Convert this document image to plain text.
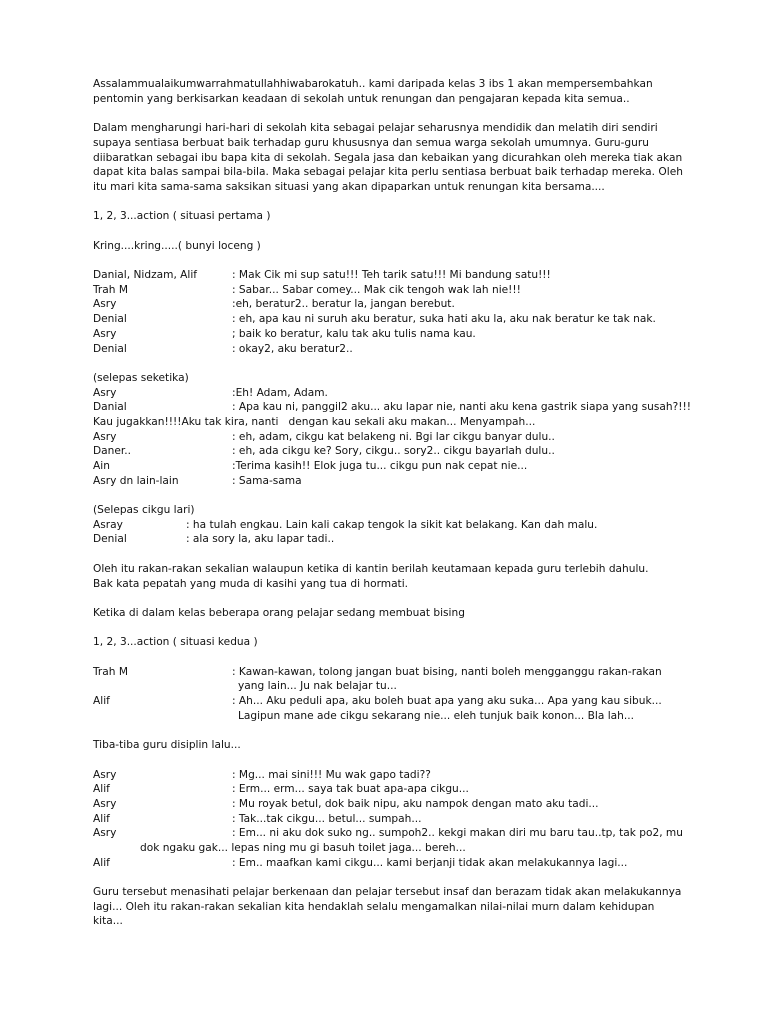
Assalammualaikumwarrahmatullahhiwabarokatuh.. kami daripada kelas 3 ibs 1 akan mempersembahkan
pentomin yang berkisarkan keadaan di sekolah untuk renungan dan pengajaran kepada kita semua..
Dalam mengharungi hari-hari di sekolah kita sebagai pelajar seharusnya mendidik dan melatih diri sendiri
supaya sentiasa berbuat baik terhadap guru khususnya dan semua warga sekolah umumnya. Guru-guru
diibaratkan sebagai ibu bapa kita di sekolah. Segala jasa dan kebaikan yang dicurahkan oleh mereka tiak akan
dapat kita balas sampai bila-bila. Maka sebagai pelajar kita perlu sentiasa berbuat baik terhadap mereka. Oleh
itu mari kita sama-sama saksikan situasi yang akan dipaparkan untuk renungan kita bersama....
1, 2, 3...action ( situasi pertama )
Kring....kring.....( bunyi loceng )
Danial, Nidzam, Alif	: Mak Cik mi sup satu!!! Teh tarik satu!!! Mi bandung satu!!!
Trah M	: Sabar... Sabar comey... Mak cik tengoh wak lah nie!!!
Asry	:eh, beratur2.. beratur la, jangan berebut.
Denial	: eh, apa kau ni suruh aku beratur, suka hati aku la, aku nak beratur ke tak nak.
Asry	; baik ko beratur, kalu tak aku tulis nama kau.
Denial	: okay2, aku beratur2..
(selepas seketika)
Asry	:Eh! Adam, Adam.
Danial	: Apa kau ni, panggil2 aku... aku lapar nie, nanti aku kena gastrik siapa yang susah?!!!
Kau jugakkan!!!!Aku tak kira, nanti   dengan kau sekali aku makan... Menyampah...
Asry	: eh, adam, cikgu kat belakeng ni. Bgi lar cikgu banyar dulu..
Daner..	: eh, ada cikgu ke? Sory, cikgu.. sory2.. cikgu bayarlah dulu..
Ain	:Terima kasih!! Elok juga tu... cikgu pun nak cepat nie...
Asry dn lain-lain	: Sama-sama
(Selepas cikgu lari)
Asray	: ha tulah engkau. Lain kali cakap tengok la sikit kat belakang. Kan dah malu.
Denial	: ala sory la, aku lapar tadi..
Oleh itu rakan-rakan sekalian walaupun ketika di kantin berilah keutamaan kepada guru terlebih dahulu.
Bak kata pepatah yang muda di kasihi yang tua di hormati.
Ketika di dalam kelas beberapa orang pelajar sedang membuat bising
1, 2, 3...action ( situasi kedua )
Trah M	: Kawan-kawan, tolong jangan buat bising, nanti boleh mengganggu rakan-rakan
yang lain... Ju nak belajar tu...
Alif	: Ah... Aku peduli apa, aku boleh buat apa yang aku suka... Apa yang kau sibuk...
Lagipun mane ade cikgu sekarang nie... eleh tunjuk baik konon... Bla lah...
Tiba-tiba guru disiplin lalu...
Asry	: Mg... mai sini!!! Mu wak gapo tadi??
Alif	: Erm... erm... saya tak buat apa-apa cikgu...
Asry	: Mu royak betul, dok baik nipu, aku nampok dengan mato aku tadi...
Alif	: Tak...tak cikgu... betul... sumpah...
Asry	: Em... ni aku dok suko ng.. sumpoh2.. kekgi makan diri mu baru tau..tp, tak po2, mu
dok ngaku gak... lepas ning mu gi basuh toilet jaga... bereh...
Alif	: Em.. maafkan kami cikgu... kami berjanji tidak akan melakukannya lagi...
Guru tersebut menasihati pelajar berkenaan dan pelajar tersebut insaf dan berazam tidak akan melakukannya
lagi... Oleh itu rakan-rakan sekalian kita hendaklah selalu mengamalkan nilai-nilai murn dalam kehidupan kita...
